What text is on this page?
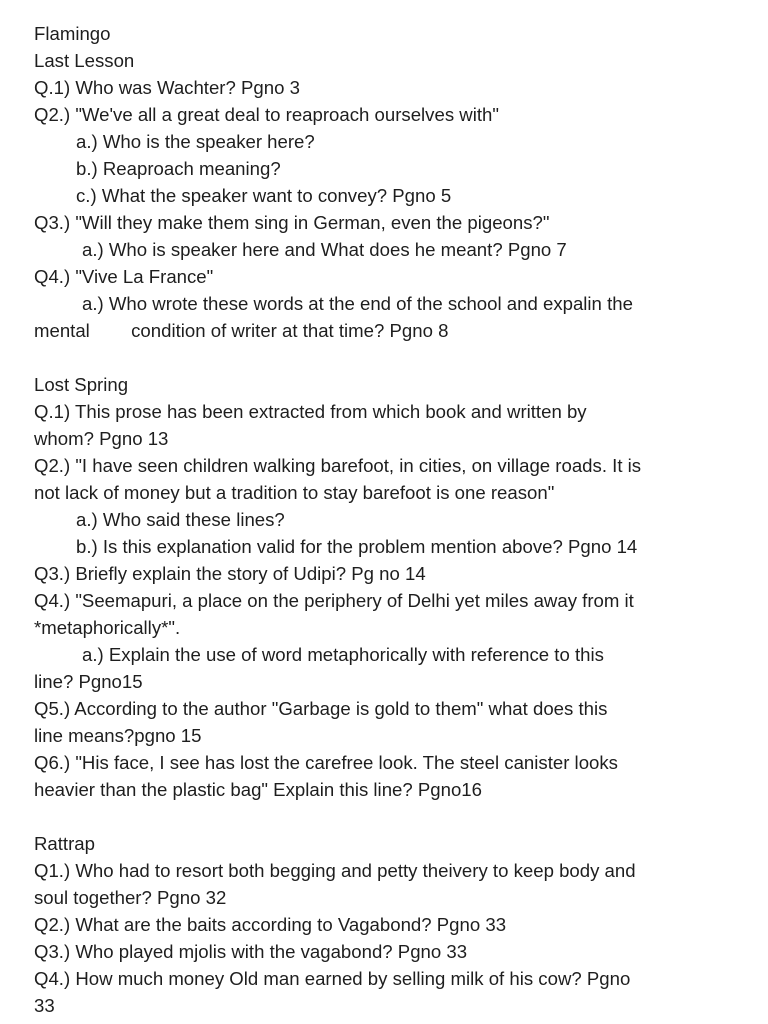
Flamingo
Last Lesson
Q.1) Who was Wachter? Pgno 3
Q2.) "We've all a great deal to reaproach ourselves with"
a.) Who is the speaker here?
b.) Reaproach meaning?
c.) What the speaker want to convey? Pgno 5
Q3.) "Will they make them sing in German, even the pigeons?"
a.) Who is speaker here and What does he meant? Pgno 7
Q4.) "Vive La France"
a.) Who wrote these words at the end of the school and expalin the
mental        condition of writer at that time? Pgno 8
Lost Spring
Q.1) This prose has been extracted from which book and written by
whom? Pgno 13
Q2.) "I have seen children walking barefoot, in cities, on village roads. It is
not lack of money but a tradition to stay barefoot is one reason"
a.) Who said these lines?
b.) Is this explanation valid for the problem mention above? Pgno 14
Q3.) Briefly explain the story of Udipi? Pg no 14
Q4.) "Seemapuri, a place on the periphery of Delhi yet miles away from it
*metaphorically*".
a.) Explain the use of word metaphorically with reference to this
line? Pgno15
Q5.) According to the author "Garbage is gold to them" what does this
line means?pgno 15
Q6.) "His face, I see has lost the carefree look. The steel canister looks
heavier than the plastic bag" Explain this line? Pgno16
Rattrap
Q1.) Who had to resort both begging and petty theivery to keep body and
soul together? Pgno 32
Q2.) What are the baits according to Vagabond? Pgno 33
Q3.) Who played mjolis with the vagabond? Pgno 33
Q4.) How much money Old man earned by selling milk of his cow? Pgno
33
